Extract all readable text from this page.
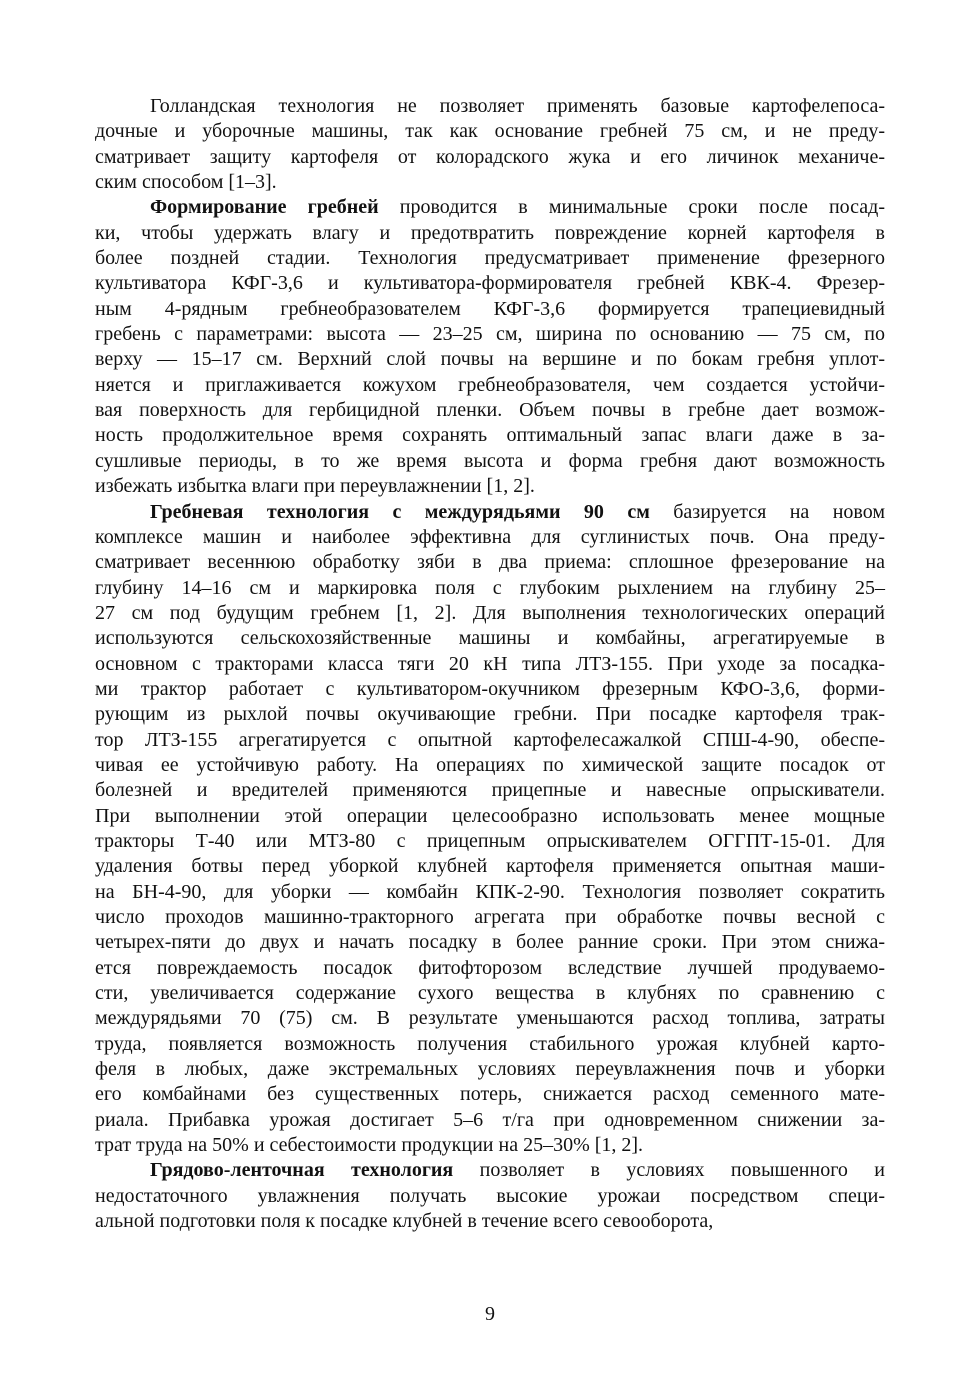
Голландская технология не позволяет применять базовые картофелепоса-
дочные и уборочные машины, так как основание гребней 75 см, и не преду-
сматривает защиту картофеля от колорадского жука и его личинок механиче-
ским способом [1–3].
Формирование гребней проводится в минимальные сроки после посад-
ки, чтобы удержать влагу и предотвратить повреждение корней картофеля в
более поздней стадии. Технология предусматривает применение фрезерного
культиватора КФГ-3,6 и культиватора-формирователя гребней КВК-4. Фрезер-
ным 4-рядным гребнеобразователем КФГ-3,6 формируется трапециевидный
гребень с параметрами: высота — 23–25 см, ширина по основанию — 75 см, по
верху — 15–17 см. Верхний слой почвы на вершине и по бокам гребня уплот-
няется и приглаживается кожухом гребнеобразователя, чем создается устойчи-
вая поверхность для гербицидной пленки. Объем почвы в гребне дает возмож-
ность продолжительное время сохранять оптимальный запас влаги даже в за-
сушливые периоды, в то же время высота и форма гребня дают возможность
избежать избытка влаги при переувлажнении [1, 2].
Гребневая технология с междурядьями 90 см базируется на новом
комплексе машин и наиболее эффективна для суглинистых почв. Она преду-
сматривает весеннюю обработку зяби в два приема: сплошное фрезерование на
глубину 14–16 см и маркировка поля с глубоким рыхлением на глубину 25–
27 см под будущим гребнем [1, 2]. Для выполнения технологических операций
используются сельскохозяйственные машины и комбайны, агрегатируемые в
основном с тракторами класса тяги 20 кН типа ЛТЗ-155. При уходе за посадка-
ми трактор работает с культиватором-окучником фрезерным КФО-3,6, форми-
рующим из рыхлой почвы окучивающие гребни. При посадке картофеля трак-
тор ЛТЗ-155 агрегатируется с опытной картофелесажалкой СПШ-4-90, обеспе-
чивая ее устойчивую работу. На операциях по химической защите посадок от
болезней и вредителей применяются прицепные и навесные опрыскиватели.
При выполнении этой операции целесообразно использовать менее мощные
тракторы Т-40 или МТЗ-80 с прицепным опрыскивателем ОГГПТ-15-01. Для
удаления ботвы перед уборкой клубней картофеля применяется опытная маши-
на БН-4-90, для уборки — комбайн КПК-2-90. Технология позволяет сократить
число проходов машинно-тракторного агрегата при обработке почвы весной с
четырех-пяти до двух и начать посадку в более ранние сроки. При этом снижа-
ется повреждаемость посадок фитофторозом вследствие лучшей продуваемо-
сти, увеличивается содержание сухого вещества в клубнях по сравнению с
междурядьями 70 (75) см. В результате уменьшаются расход топлива, затраты
труда, появляется возможность получения стабильного урожая клубней карто-
феля в любых, даже экстремальных условиях переувлажнения почв и уборки
его комбайнами без существенных потерь, снижается расход семенного мате-
риала. Прибавка урожая достигает 5–6 т/га при одновременном снижении за-
трат труда на 50% и себестоимости продукции на 25–30% [1, 2].
Грядово-ленточная технология позволяет в условиях повышенного и
недостаточного увлажнения получать высокие урожаи посредством специ-
альной подготовки поля к посадке клубней в течение всего севооборота,
9
